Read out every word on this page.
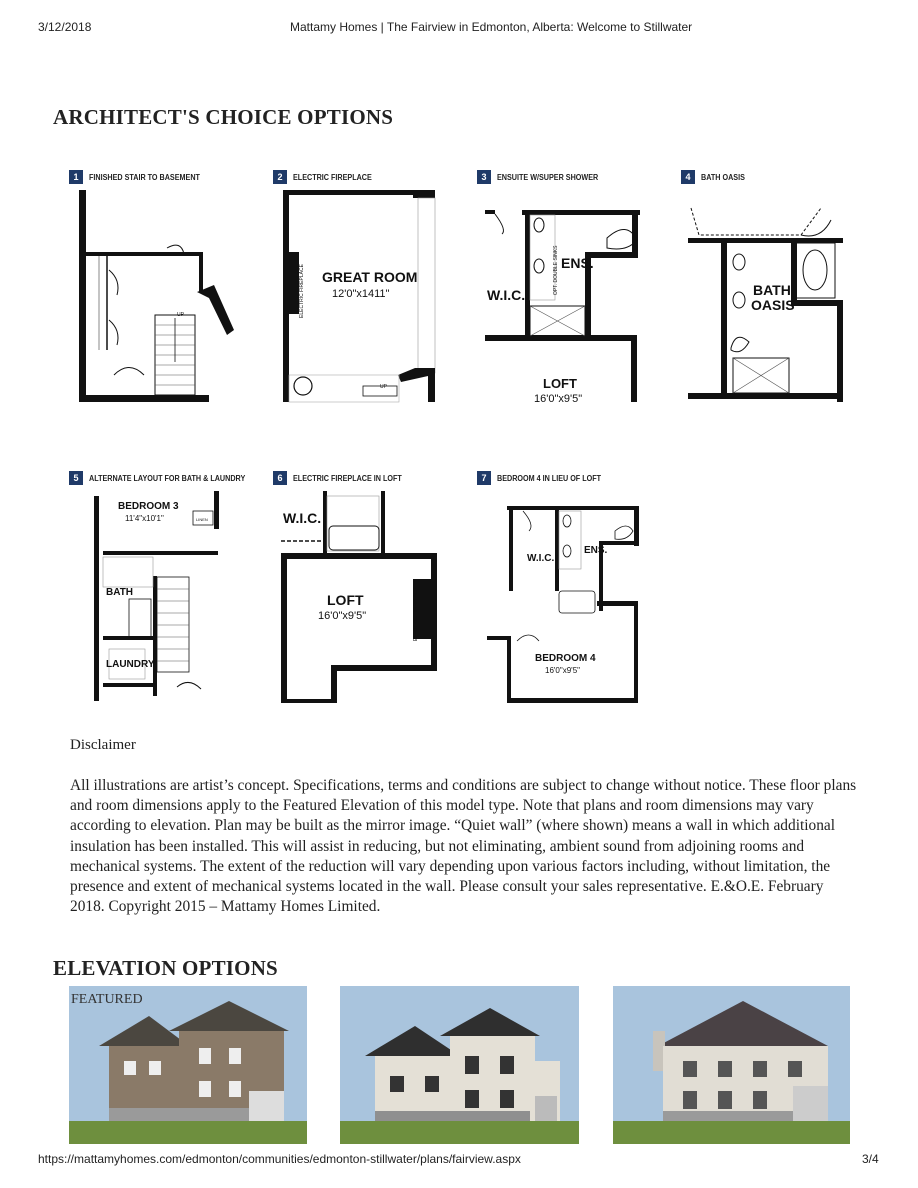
3/12/2018	Mattamy Homes | The Fairview in Edmonton, Alberta: Welcome to Stillwater
https://mattamyhomes.com/edmonton/communities/edmonton-stillwater/plans/fairview.aspx	3/4
ARCHITECT'S CHOICE OPTIONS
1	FINISHED STAIR TO BASEMENT
UP
2	ELECTRIC FIREPLACE
GREAT ROOM
12'0"x1411"
ELECTRIC FIREPLACE
UP
3	ENSUITE W/SUPER SHOWER
W.I.C.
ENS.
LOFT
16'0"x9'5"
OPT. DOUBLE SINKS
4	BATH OASIS
BATH
OASIS
5	ALTERNATE LAYOUT FOR BATH & LAUNDRY
BEDROOM 3
11'4"x10'1"
BATH
LAUNDRY
LINEN
6	ELECTRIC FIREPLACE IN LOFT
W.I.C.
LOFT
16'0"x9'5"	ELECTRIC FIREPLACE
7	BEDROOM 4 IN LIEU OF LOFT
W.I.C.
ENS.
BEDROOM 4
16'0"x9'5"
Disclaimer
All illustrations are artist’s concept. Specifications, terms and conditions are subject to change without notice. These floor plans and room dimensions apply to the Featured Elevation of this model type. Note that plans and room dimensions may vary according to elevation. Plan may be built as the mirror image. “Quiet wall” (where shown) means a wall in which additional insulation has been installed. This will assist in reducing, but not eliminating, ambient sound from adjoining rooms and mechanical systems. The extent of the reduction will vary depending upon various factors including, without limitation, the presence and extent of mechanical systems located in the wall. Please consult your sales representative. E.&O.E. February 2018. Copyright 2015 – Mattamy Homes Limited.
ELEVATION OPTIONS
FEATURED
